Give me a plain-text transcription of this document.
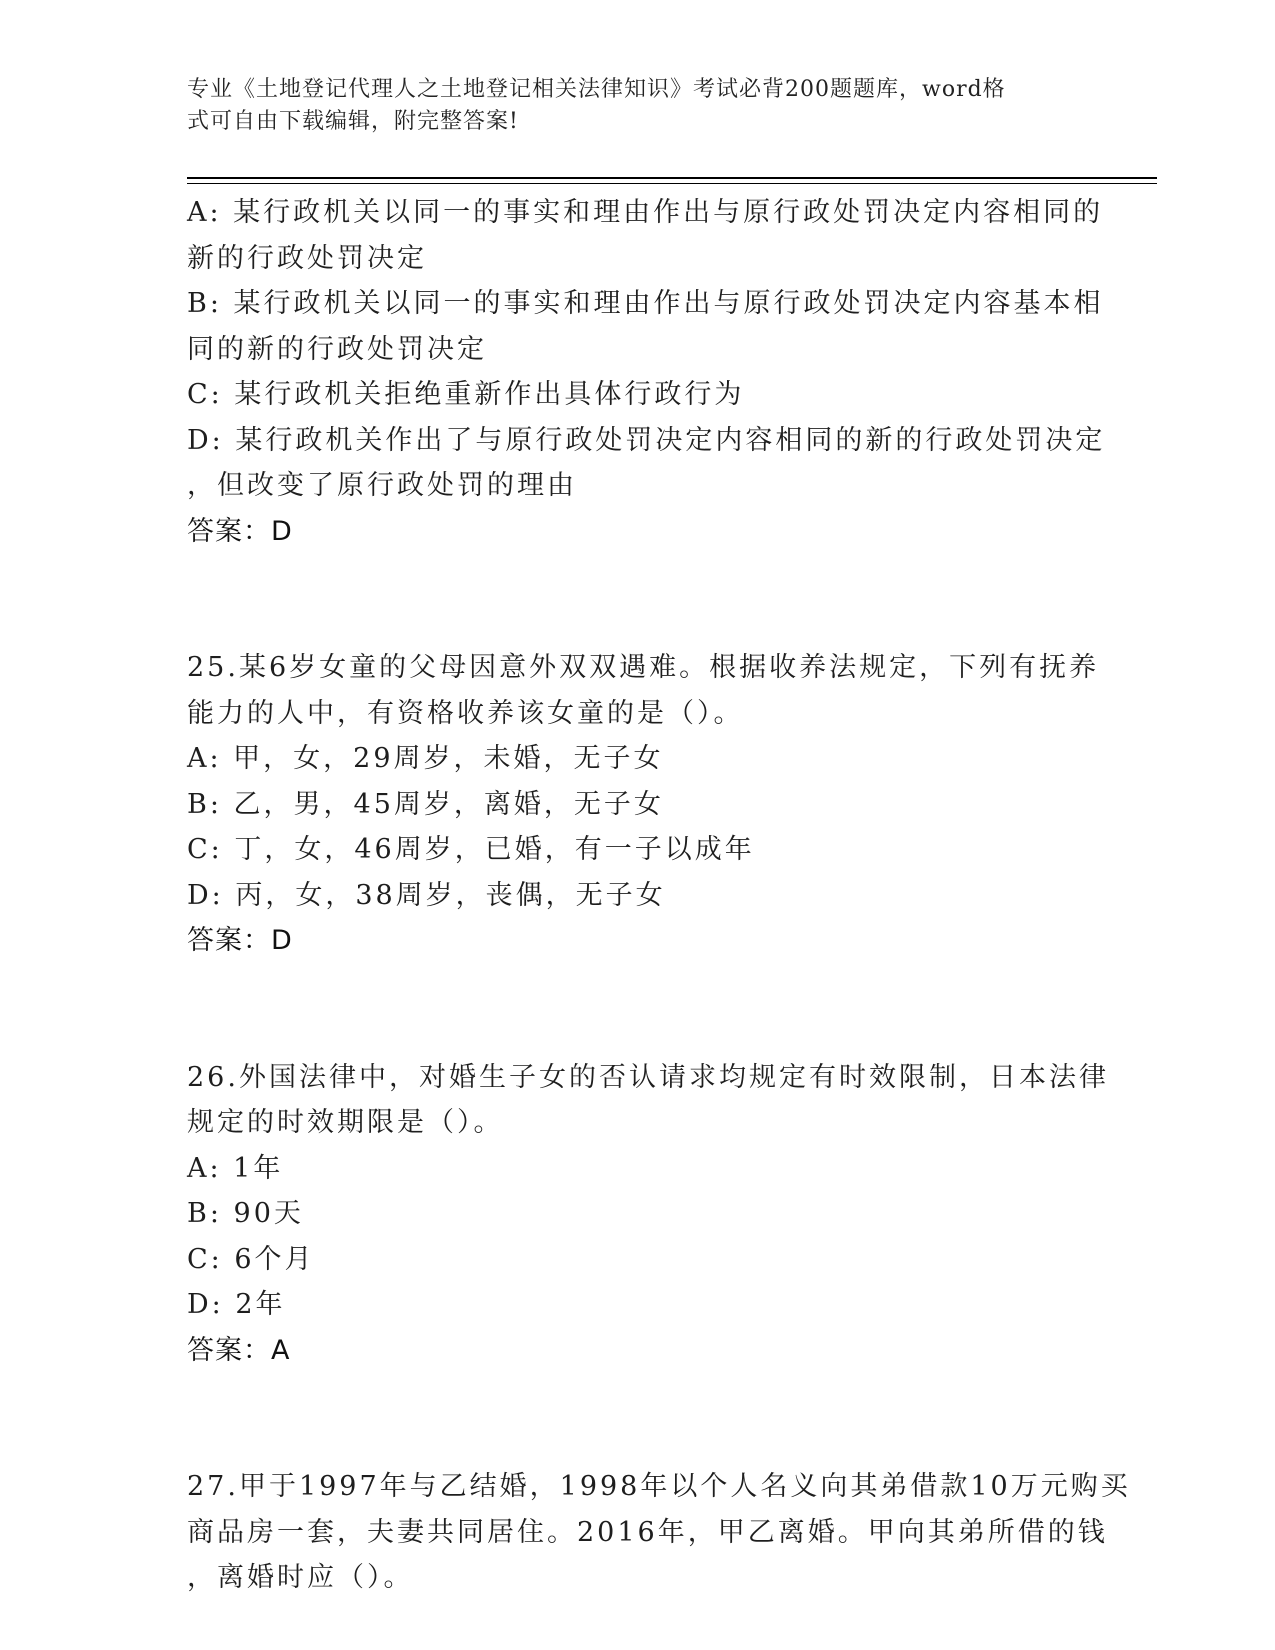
专业《土地登记代理人之土地登记相关法律知识》考试必背200题题库，word格
式可自由下载编辑，附完整答案!
A: 某行政机关以同一的事实和理由作出与原行政处罚决定内容相同的
新的行政处罚决定
B: 某行政机关以同一的事实和理由作出与原行政处罚决定内容基本相
同的新的行政处罚决定
C: 某行政机关拒绝重新作出具体行政行为
D: 某行政机关作出了与原行政处罚决定内容相同的新的行政处罚决定
，但改变了原行政处罚的理由
答案：D
25.某6岁女童的父母因意外双双遇难。根据收养法规定，下列有抚养
能力的人中，有资格收养该女童的是（）。
A: 甲，女，29周岁，未婚，无子女
B: 乙，男，45周岁，离婚，无子女
C: 丁，女，46周岁，已婚，有一子以成年
D: 丙，女，38周岁，丧偶，无子女
答案：D
26.外国法律中，对婚生子女的否认请求均规定有时效限制，日本法律
规定的时效期限是（）。
A: 1年
B: 90天
C: 6个月
D: 2年
答案：A
27.甲于1997年与乙结婚，1998年以个人名义向其弟借款10万元购买
商品房一套，夫妻共同居住。2016年，甲乙离婚。甲向其弟所借的钱
，离婚时应（）。
